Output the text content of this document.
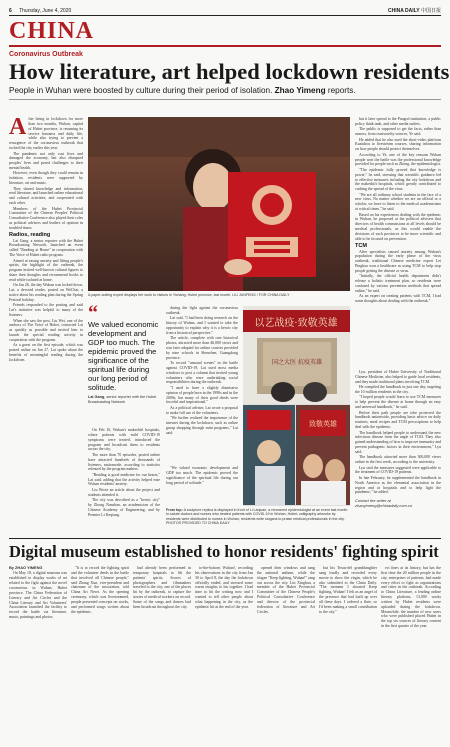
6 Thursday, June 4, 2020	CHINA DAILY 中国日报
CHINA
Coronavirus Outbreak
How literature, art helped lockdown residents
People in Wuhan were boosted by culture during their period of isolation. Zhao Yimeng reports.

After being in lockdown for more than two months, Wuhan, capital of Hubei province, is resuming its service business and daily life, while also trying to prevent a resurgence of the coronavirus outbreak that rocked the city earlier this year.

The pandemic not only cost lives and damaged the economy, but also disrupted peoples' lives and posed challenges to their mental health.

However, even though they could remain in isolation, residents were supported by literature, art and music.

They shared knowledge and information, read literature, and launched online educational and cultural activities, and cooperated with each other.

Members of the Hubei Provincial Committee of the Chinese Peoples' Political Consultative Conference also played their roles as political advisers and leaders of opinion in troubled times.

Radios, reading

Lai Gang, a senior reporter with the Hubei Broadcasting Network, launched an event called "Reading at Home" in cooperation with The Voice of Hubei radio program.

Aimed at easing anxiety and lifting people's spirits, the highlight of the outbreak, the program invited well-known cultural figures to share their thoughts and recommend books to read while isolated at home.

On Jan 26, the day Wuhan was locked down, Lai, a devoted reader, posted on WeChat, a notice about his reading plan during the Spring Festival holiday.

Friends responded to the posting and said Lai's initiative was helpful to many of the listeners.

When she saw the post, Liu Wei, one of the anchors of The Voice of Hubei, contacted Lai as quickly as possible and invited him to launch the special reading activity in cooperation with the program.

As a guest on the first episode, which was posted online on Jan 27, Lai spoke about the benefits of meaningful reading during the lockdown.

A paper-cutting expert displays her work to visitors in Yichang, Hubei province, last month. LIU JUNFENG / FOR CHINA DAILY
“
We valued economic development and GDP too much. The epidemic proved the significance of the spiritual life during our long period of solitude.
Lai Gang, senior reporter with the Hubei Broadcasting Network

On Feb 10, Wuhan's makeshift hospitals, where patients with mild COVID-19 symptoms were treated, introduced the program and broadcast them to residents across the city.

The more than 70 episodes, posted online have attracted hundreds of thousands of listeners, nationwide, according to statistics released by the program makers.

"Reading is good medicine for our hearts," Lai said, adding that the activity helped ease Wuhan residents' anxiety.

Liu Wrote an article about the project and students attended it.

The city was described as a "heroic city" by Zhong Nanshan, an academician of the Chinese Academy of Engineering, and by Premier Li Keqiang.

during the fight against the coronavirus outbreak.

Lai said, "I had been doing research on the history of Wuhan, and I wanted to take the opportunity to explain why it is a heroic city from a historical perspective."

The article, complete with rare historical photos, attracted more than 46,000 views and was later adapted for online courses provided by nine schools in Shenzhen, Guangdong province.

To record "unusual scenes" in the battle against COVID-19, Lai used most media windows to post a column that invited young volunteers who were undertaking social responsibilities during the outbreak.

"I used to have a slightly dismissive opinion of people born in the 1990s and in the 2000s, but many of their good deeds were forceful and inspirational."

As a political adviser, Lai wrote a proposal to make full use of the volunteers.

"We further realized the importance of the internet during the lockdown, such as online group shopping through mini programs," Lai said.

but it later spread to the Pangod institution, a public policy think tank, and other media outlets.

The public is supposed to get the facts, rather than rumors, from trustworthy sources, Ye said.

He added that he also used the short-video platform Kuaishou to livestream courses, sharing information on how people should protect themselves.

According to Ye, one of the key reasons Wuhan people won the battle was the professional knowledge provided for people such as Zhong, the epidemiologist.

"The epidemic fully proved that knowledge is power," he said, stressing that scientific guidance led to effective measures including the city lockdown and the makeshift hospitals, which greatly contributed to curbing the spread of the virus.

"We are all ordinary school students in the face of a new virus. No matter whether we are an official or a scholar, we have to listen to the medical academicians at critical times," he said.

Based on his experiences dealing with the epidemic in Wuhan, he proposed at the political advisers that directors of health commissions at all levels should be medical professionals, as this would enable the decisions of such provinces to be more scientific and able to be focused on prevention.

TCM

After specialists caused anxiety among Wuhan's population during the early phase of the virus outbreak, traditional Chinese medicine expert Lei Pinghua won a healthcare as using TCM to help stop people getting the disease or virus.

"Initially, the official health department didn't release a holistic treatment plan, so residents were confused by various prevention methods that spread online," he said.

As an expert on treating patients with TCM, I had some thoughts about dealing with the outbreak."

以艺战疫·致敬英雄
国之大医 抗疫英雄
致敬英雄
From top: A sculpture replica is displayed in front of Li Lanjuan, a renowned epidemiologist at an event last month to salute doctors and nurses who treated patients with COVID-19 in Wuhan, Hubei; calligraphy artworks by residents were distributed to nurses in Wuhan; residents write slogans to praise medical professionals in the city. PHOTOS PROVIDED TO CHINA DAILY

"We valued economic development and GDP too much. The epidemic proved the significance of the spiritual life during our long period of solitude."

Lyu, president of Hubei University of Traditional Chinese Medicine, also helped to guide local residents, and they made traditional plans involving TCM.

He compiled the handbook in just one day, targeting the 10 million residents in the city.

"I hoped people would learn to use TCM measures to help prevent the disease at home through an easy and universal handbook," he said.

Before their path people are tobe protected the handbook nationwide, providing basic advice on daily routines, meal recipes and TCM prescriptions to help deal with the epidemic.

The handbook helped people to understand the new infectious disease from the angle of TCM. They also gained understanding of how to improve immunity and prevent pathogenic factors in their environment," Lyu said.

The handbook attracted more than 300,000 views online in the first week, according to the university.

Lyu said the measures suggested were applicable to the treatment of COVID-19 patients.

In late February, he supplemented the handbook in North America as the elemental association in the region and at hospitals and to help fight the pandemic," he added.

Contact the writer at
zhaoyimeng@chinadaily.com.cn
Digital museum established to honor residents' fighting spirit

By ZHAO YIMENG

On May 18, a digital museum was established to display works of art related to the fight against the novel coronavirus in Wuhan, Hubei province. The China Federation of Literary and Art Circles and the China Literary and Art Volunteers' Association launched the facility to record the battle via literature, music, paintings and photos.

"It is to record the fighting spirit and the volunteer deeds in the battle that involved all Chinese people," said Zhang Xun, vice-president and chairman of the association, told China Art News. As the opening ceremony, which was livestreamed, people presented concepts on works, and performed songs written about the epidemic.

had already been performed in temporary hospitals to lift the patients' spirits. Scores of photographers and filmmakers traveled to the city, one of the places hit by the outbreak, to capture the stories of medical workers on record. Some of the songs and dances had been broadcast throughout the city.

to-the-bottom Wuhan!, recording his observations in the city from Jan 30 to April 8, the day the lockdown officially ended, and stressed some warm insights to his together. I had time to hit the writing now and I wanted to tell other people about what happening in the city, as the epidemic hit at the end of the year.

opened their windows and sang the national anthem, while the slogan "Keep fighting, Wuhan!" rang out across the city. Lin Xinghua, a member of the Hubei Provincial Committee of the Chinese People's Political Consultative Conference and director of the provincial federation of literature and Art Circles.

but his Texas-del granddaughter sang loudly and recorded every movie to show the virgin, which he also submitted to the China Daily. "The moment I shouted Keep fighting, Wuhan! I felt as an angel of the presence that had built up over all these days. I ordered a flute, so I'd been making a small contribution to the city."

ect fines at its history, but has the first time the 20 million people in the city, enterprises of patients, had made every effort to fight as organizations and cities in the outbreak. According to China Literature, a leading online literary platform, 13,000 works written by Hubei residents were uploaded during the lockdown. Meanwhile, the number of new users who were published placed Hubei in the top six sources of literary content in the first quarter of the year.
